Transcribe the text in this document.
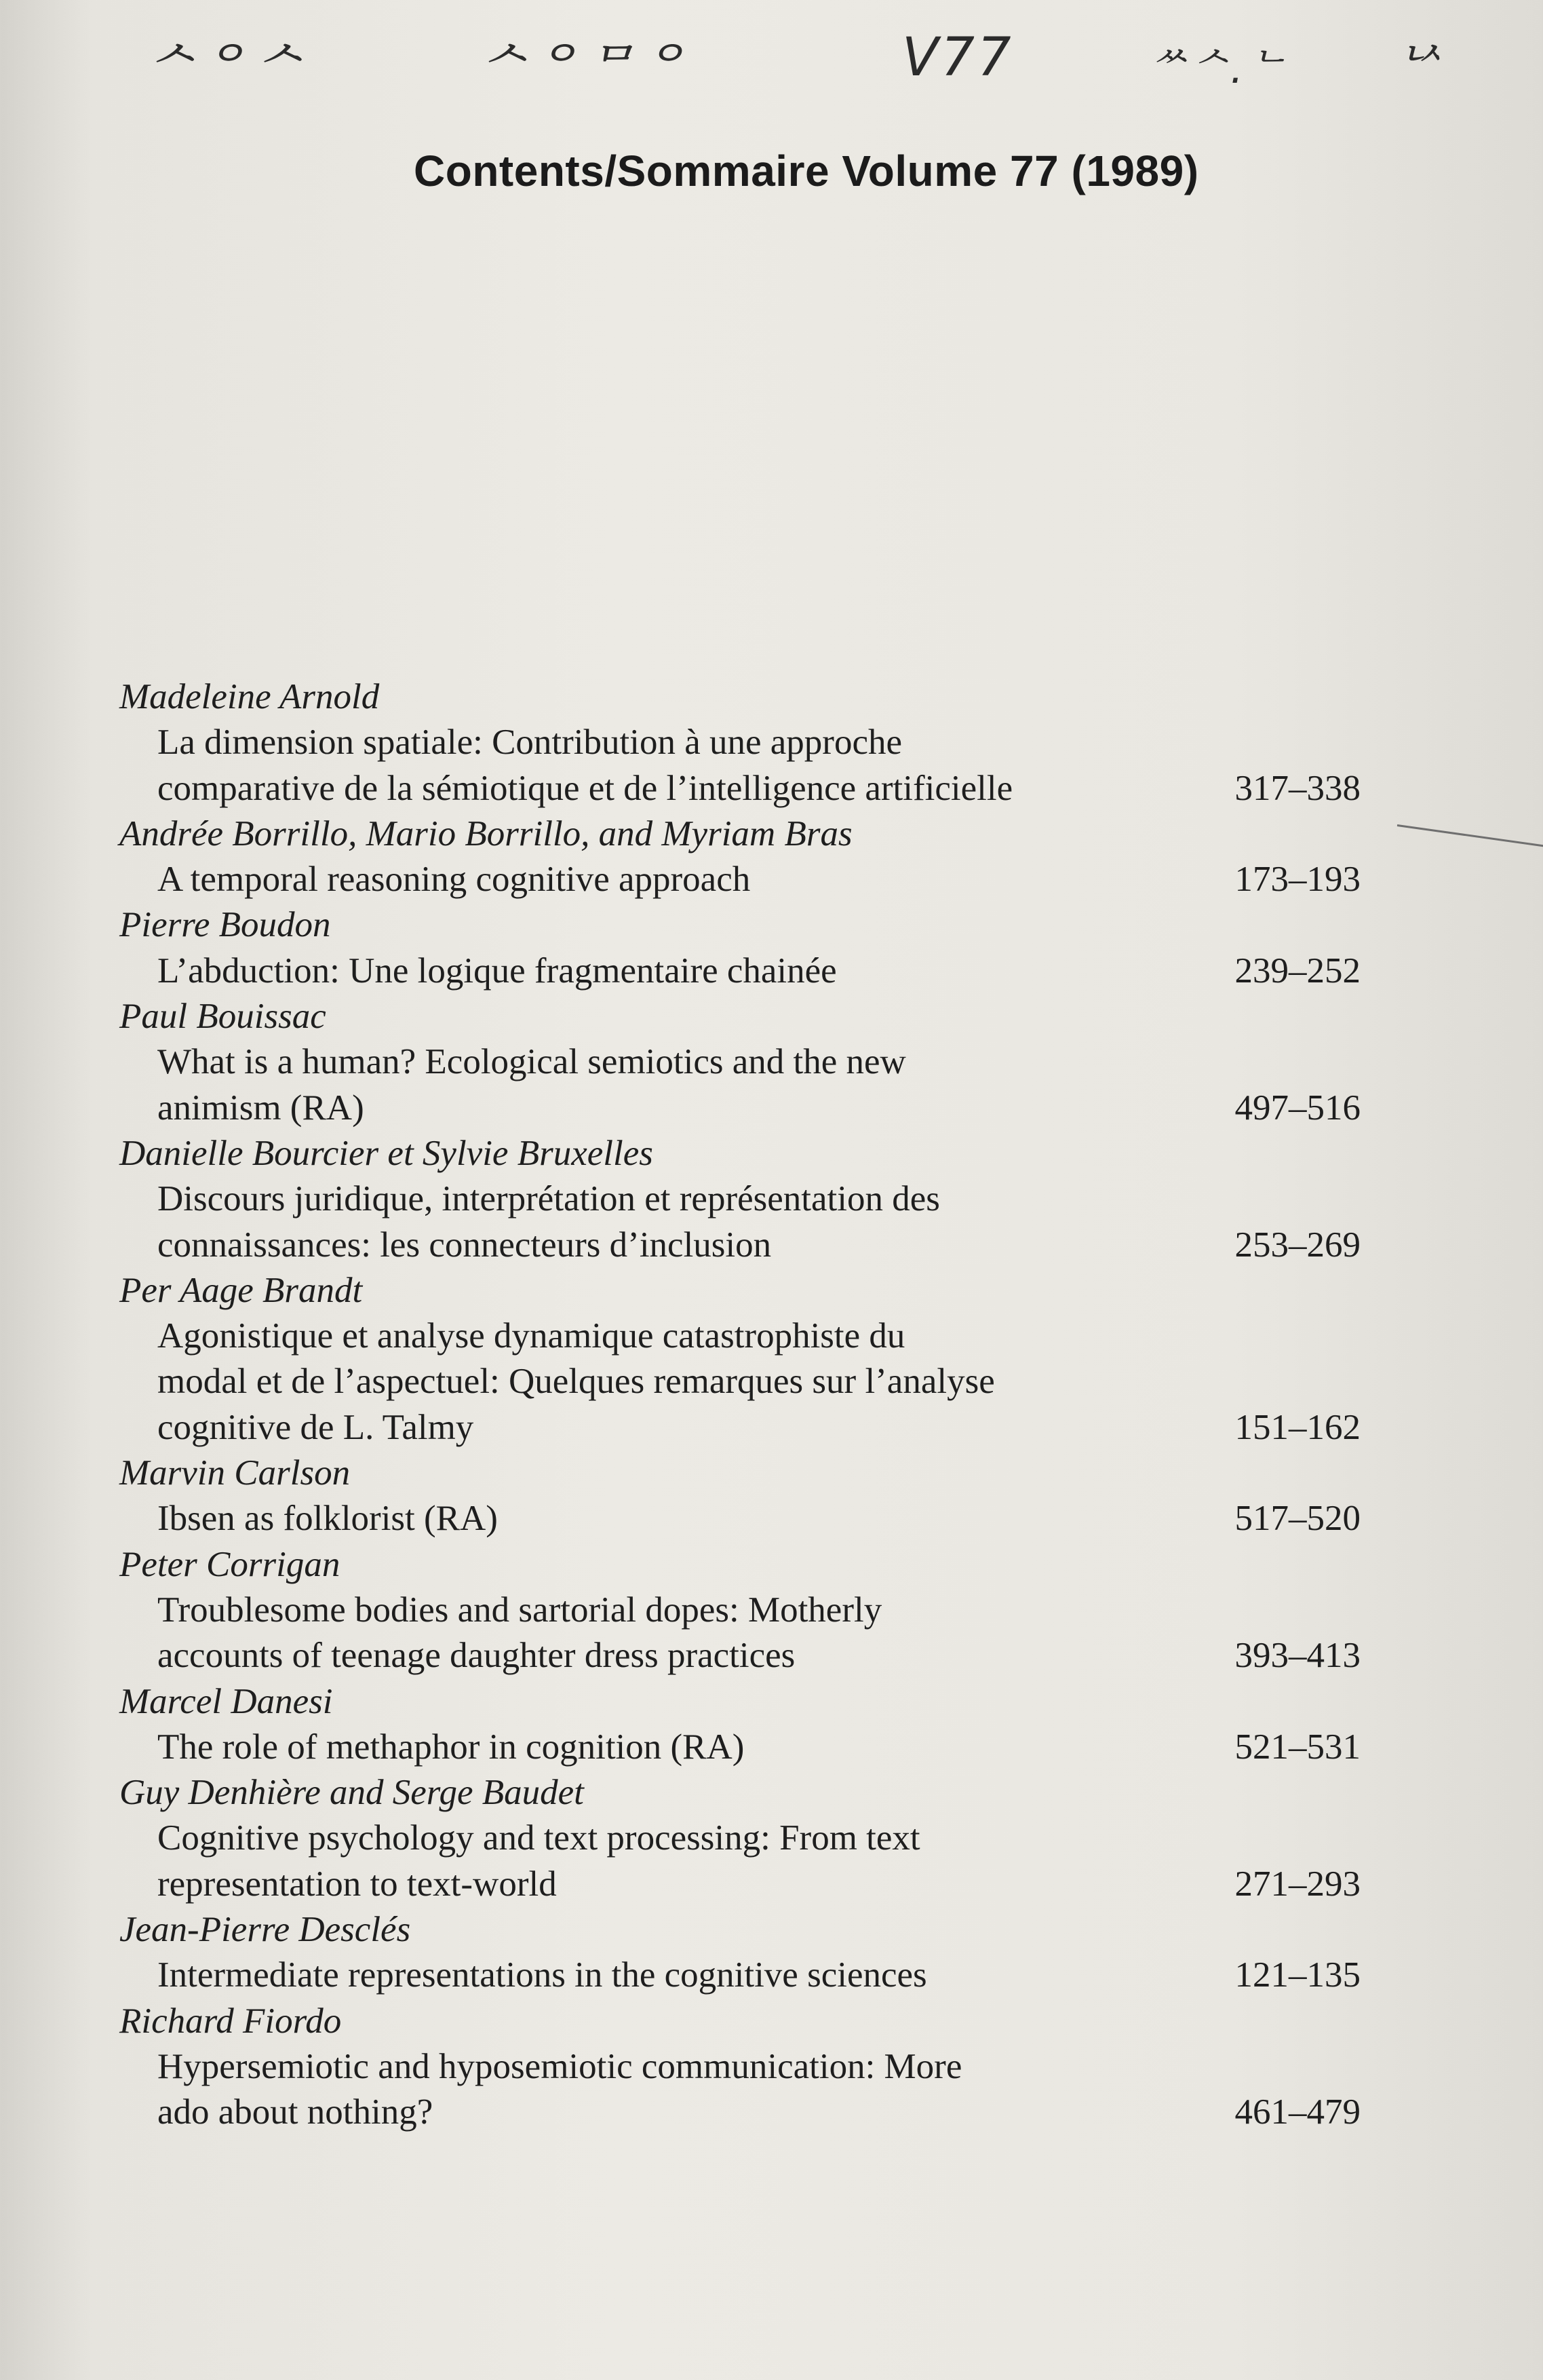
ᄉᄋᄉ	ᄉᄋᄆᄋ	V77	ᄊᄉ.ᄂ ᄂᄉ
Contents/Sommaire Volume 77 (1989)
Madeleine Arnold
La dimension spatiale: Contribution à une approche
comparative de la sémiotique et de l’intelligence artificielle	317–338
Andrée Borrillo, Mario Borrillo, and Myriam Bras
A temporal reasoning cognitive approach	173–193
Pierre Boudon
L’abduction: Une logique fragmentaire chainée	239–252
Paul Bouissac
What is a human? Ecological semiotics and the new
animism (RA)	497–516
Danielle Bourcier et Sylvie Bruxelles
Discours juridique, interprétation et représentation des
connaissances: les connecteurs d’inclusion	253–269
Per Aage Brandt
Agonistique et analyse dynamique catastrophiste du
modal et de l’aspectuel: Quelques remarques sur l’analyse
cognitive de L. Talmy	151–162
Marvin Carlson
Ibsen as folklorist (RA)	517–520
Peter Corrigan
Troublesome bodies and sartorial dopes: Motherly
accounts of teenage daughter dress practices	393–413
Marcel Danesi
The role of methaphor in cognition (RA)	521–531
Guy Denhière and Serge Baudet
Cognitive psychology and text processing: From text
representation to text-world	271–293
Jean-Pierre Desclés
Intermediate representations in the cognitive sciences	121–135
Richard Fiordo
Hypersemiotic and hyposemiotic communication: More
ado about nothing?	461–479
